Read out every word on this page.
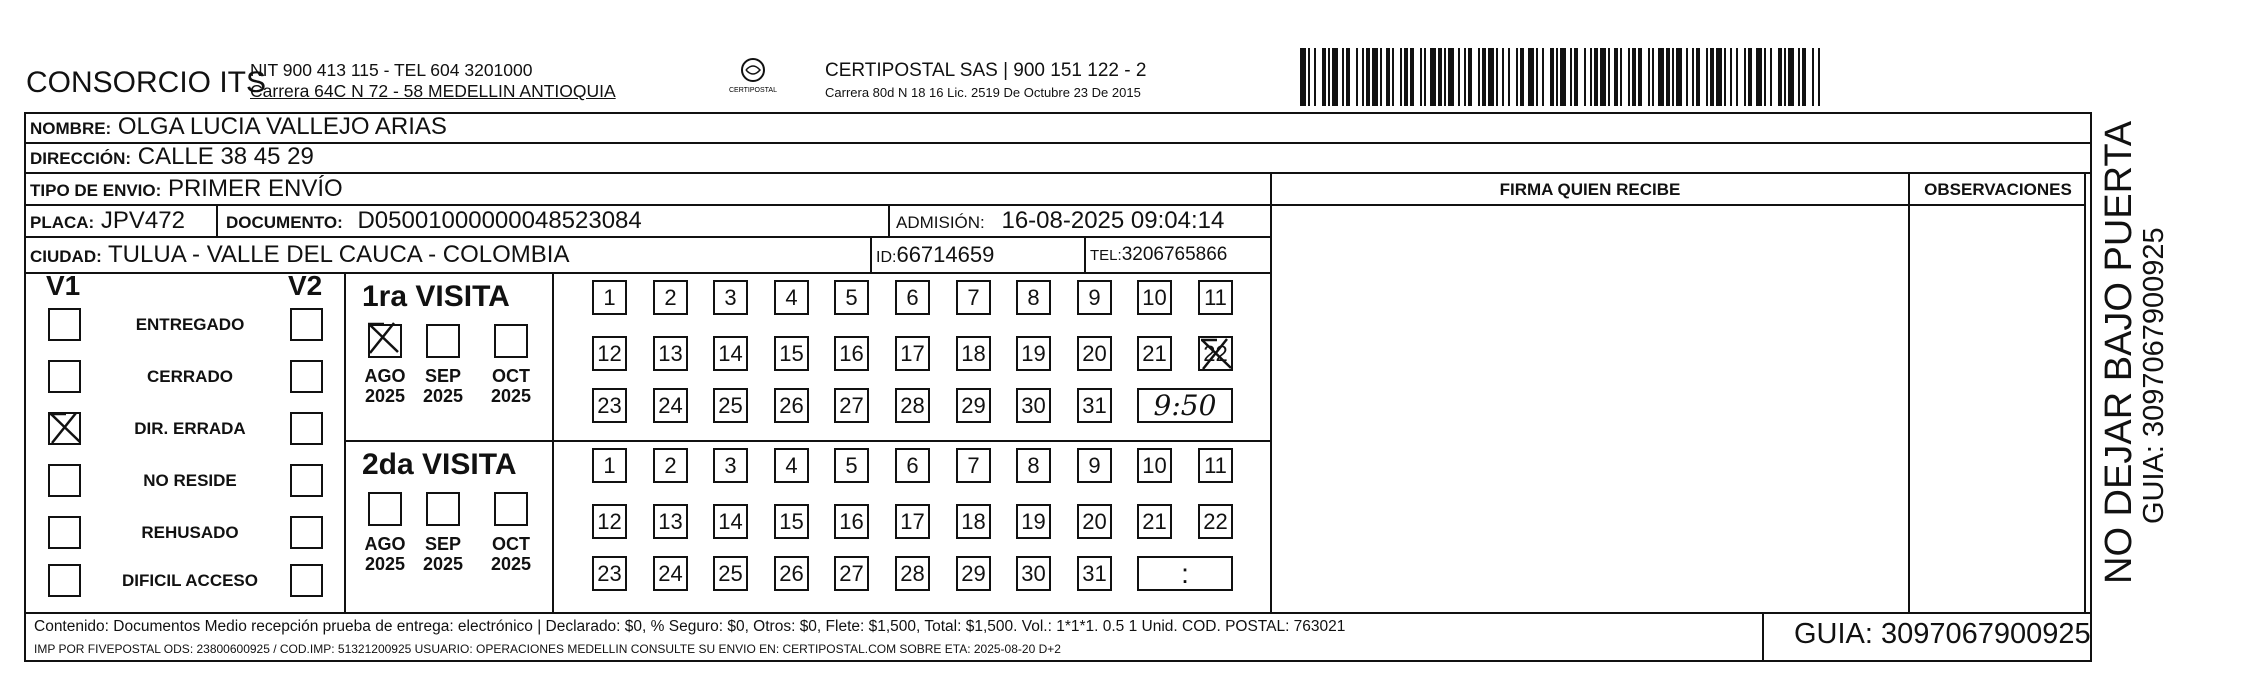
CONSORCIO ITS
NIT 900 413 115 - TEL 604 3201000
Carrera 64C N 72 - 58 MEDELLIN ANTIOQUIA	CERTIPOSTAL
CERTIPOSTAL SAS | 900 151 122 - 2
Carrera 80d N 18 16 Lic. 2519 De Octubre 23 De 2015
NOMBRE: OLGA LUCIA VALLEJO ARIAS
DIRECCIÓN: CALLE 38 45 29
TIPO DE ENVIO: PRIMER ENVÍO
PLACA: JPV472 DOCUMENTO: D05001000000048523084	ADMISIÓN: 16-08-2025 09:04:14
CIUDAD: TULUA - VALLE DEL CAUCA - COLOMBIA	ID:66714659	TEL:3206765866
FIRMA QUIEN RECIBE	OBSERVACIONES
V1	V2
ENTREGADO
CERRADO
DIR. ERRADA
NO RESIDE
REHUSADO
DIFICIL ACCESO
1ra VISITA
AGO
2025
SEP
2025
OCT
2025
1	2	3	4	5	6	7	8	9	10 11
12 13 14 15 16 17 18 19 20 21 22
23 24 25 26 27 28 29 30 31	9:50
2da VISITA
AGO
2025
SEP
2025
OCT
2025
1	2	3	4	5	6	7	8	9	10 11
12 13 14 15 16 17 18 19 20 21 22
23 24 25 26 27 28 29 30 31	:
Contenido: Documentos Medio recepción prueba de entrega: electrónico | Declarado: $0, % Seguro: $0, Otros: $0, Flete: $1,500, Total: $1,500. Vol.: 1*1*1. 0.5 1 Unid. COD. POSTAL: 763021
IMP POR FIVEPOSTAL ODS: 23800600925 / COD.IMP: 51321200925 USUARIO: OPERACIONES MEDELLIN CONSULTE SU ENVIO EN: CERTIPOSTAL.COM SOBRE ETA: 2025-08-20 D+2	GUIA: 3097067900925
NO DEJAR BAJO PUERTA
GUIA: 3097067900925
